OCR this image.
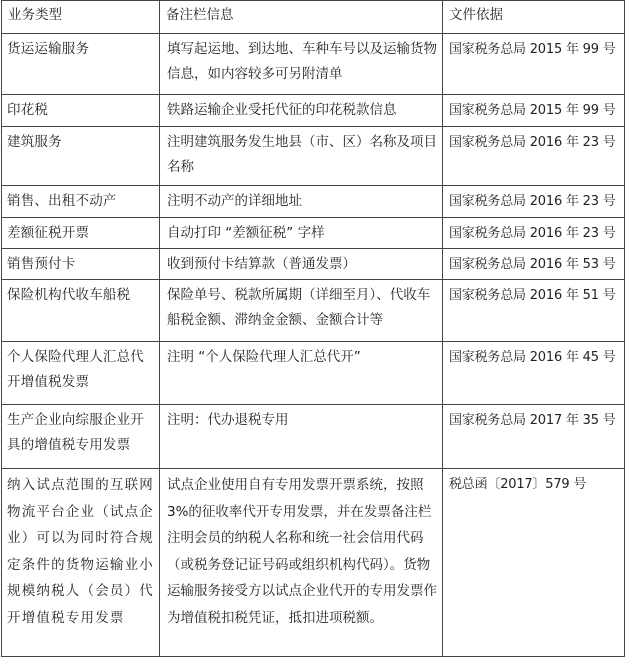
业务类型	备注栏信息	文件依据
货运运输服务	填写起运地、到达地、车种车号以及运输货物信息，如内容较多可另附清单	国家税务总局 2015 年 99 号
印花税	铁路运输企业受托代征的印花税款信息	国家税务总局 2015 年 99 号
建筑服务	注明建筑服务发生地县（市、区）名称及项目名称	国家税务总局 2016 年 23 号
销售、出租不动产	注明不动产的详细地址	国家税务总局 2016 年 23 号
差额征税开票	自动打印 “差额征税” 字样	国家税务总局 2016 年 23 号
销售预付卡	收到预付卡结算款（普通发票）	国家税务总局 2016 年 53 号
保险机构代收车船税	保险单号、税款所属期（详细至月）、代收车船税金额、滞纳金金额、金额合计等	国家税务总局 2016 年 51 号
个人保险代理人汇总代开增值税发票	注明 “个人保险代理人汇总代开”	国家税务总局 2016 年 45 号
生产企业向综服企业开具的增值税专用发票	注明：代办退税专用	国家税务总局 2017 年 35 号
纳入试点范围的互联网物流平台企业（试点企业）可以为同时符合规定条件的货物运输业小规模纳税人（会员）代开增值税专用发票	试点企业使用自有专用发票开票系统，按照3%的征收率代开专用发票，并在发票备注栏注明会员的纳税人名称和统一社会信用代码（或税务登记证号码或组织机构代码）。货物运输服务接受方以试点企业代开的专用发票作为增值税扣税凭证，抵扣进项税额。	税总函〔2017〕579 号
